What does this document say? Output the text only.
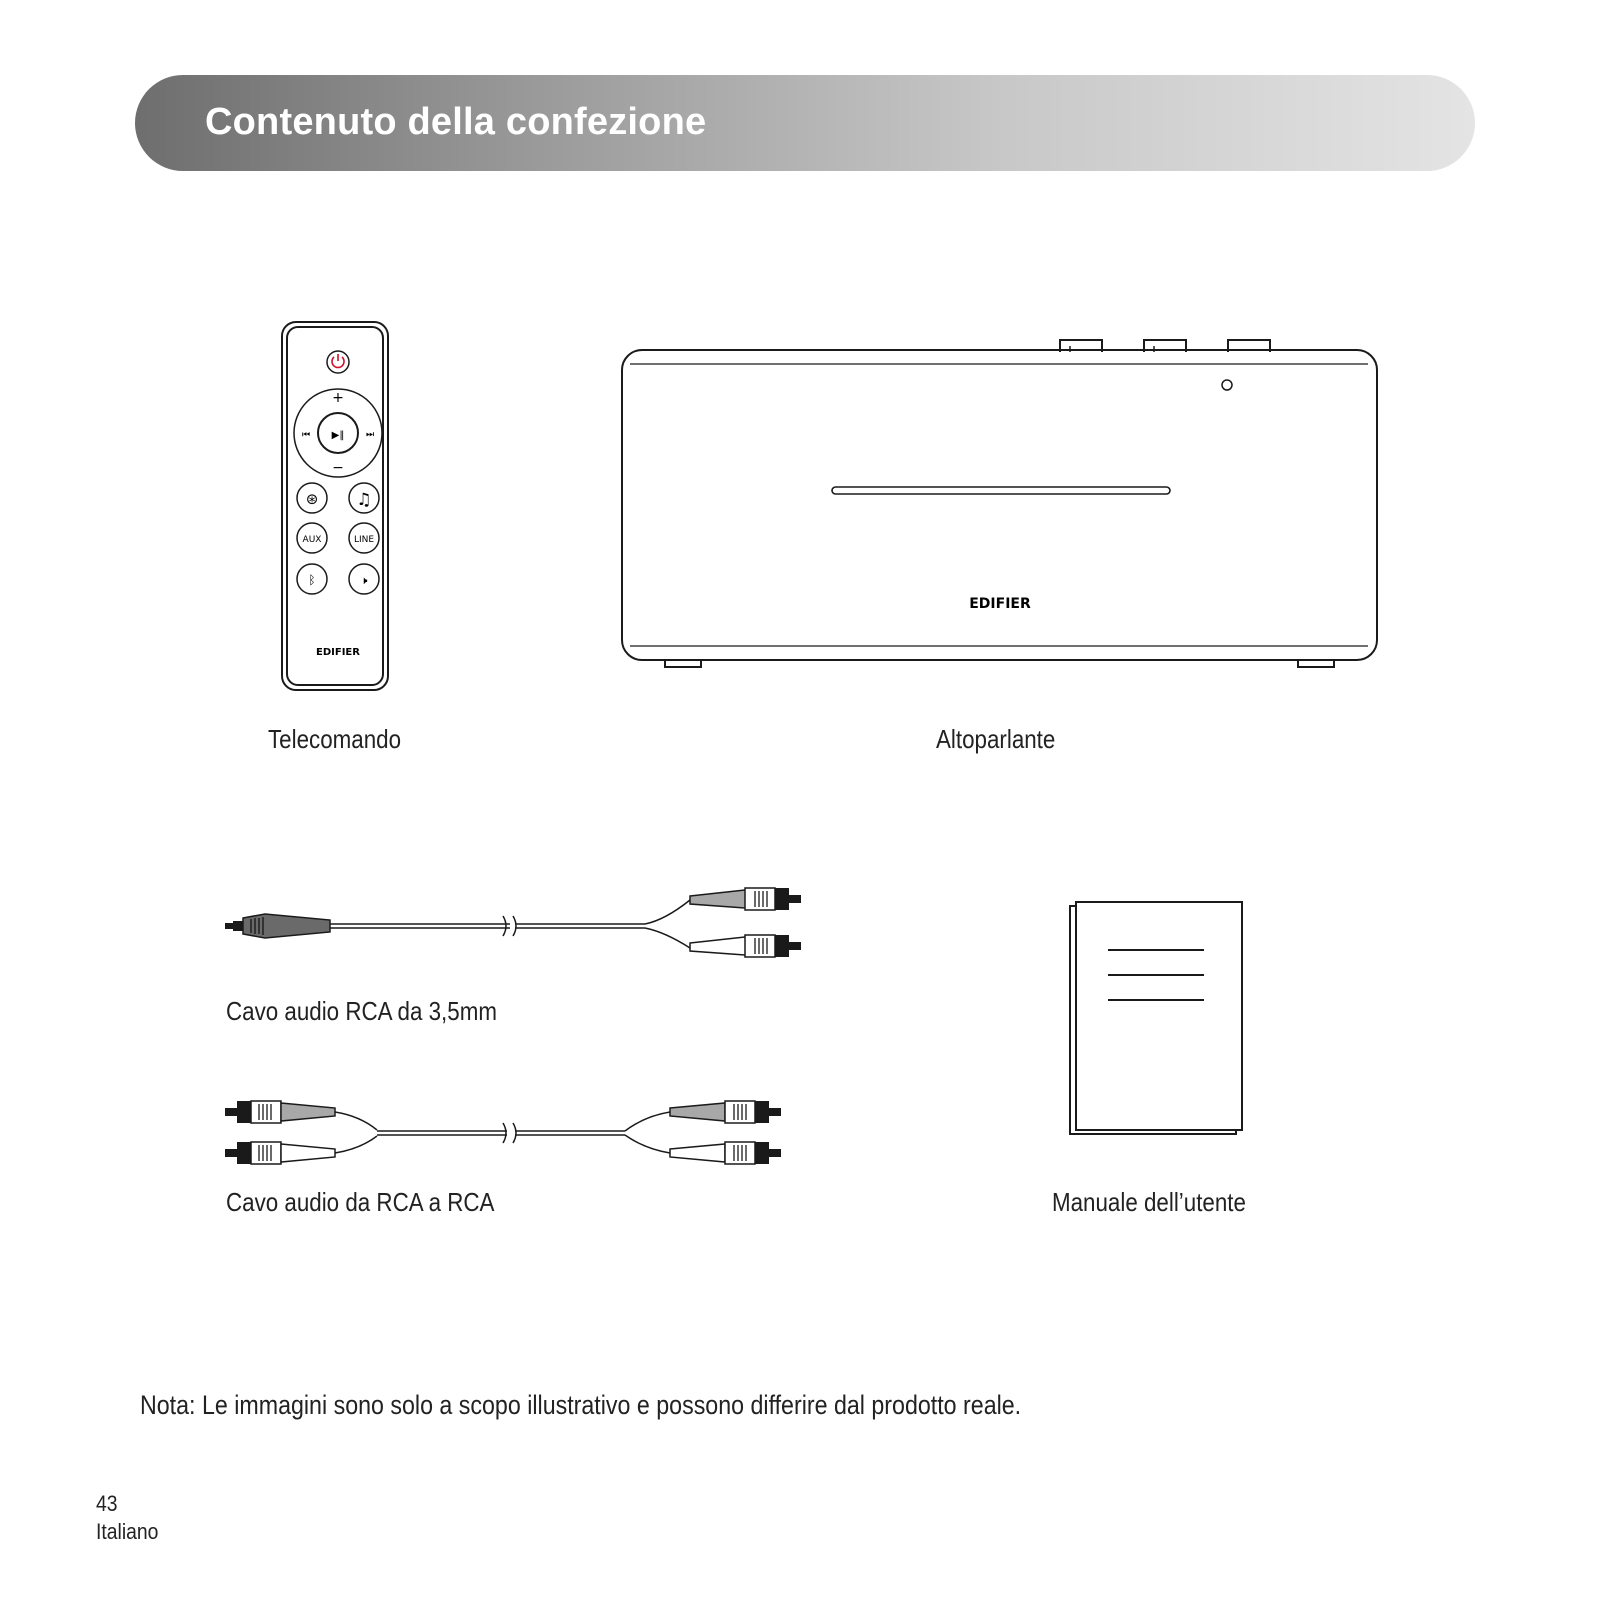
Contenuto della confezione
+
−
▶‖
⏮	⏭
⊛ ♫
AUX	LINE
ᛒ	🕨
EDIFIER
Telecomando
EDIFIER
Altoparlante
Cavo audio RCA da 3,5mm
Cavo audio da RCA a RCA	Manuale dell’utente
Nota: Le immagini sono solo a scopo illustrativo e possono differire dal prodotto reale.
43
Italiano
